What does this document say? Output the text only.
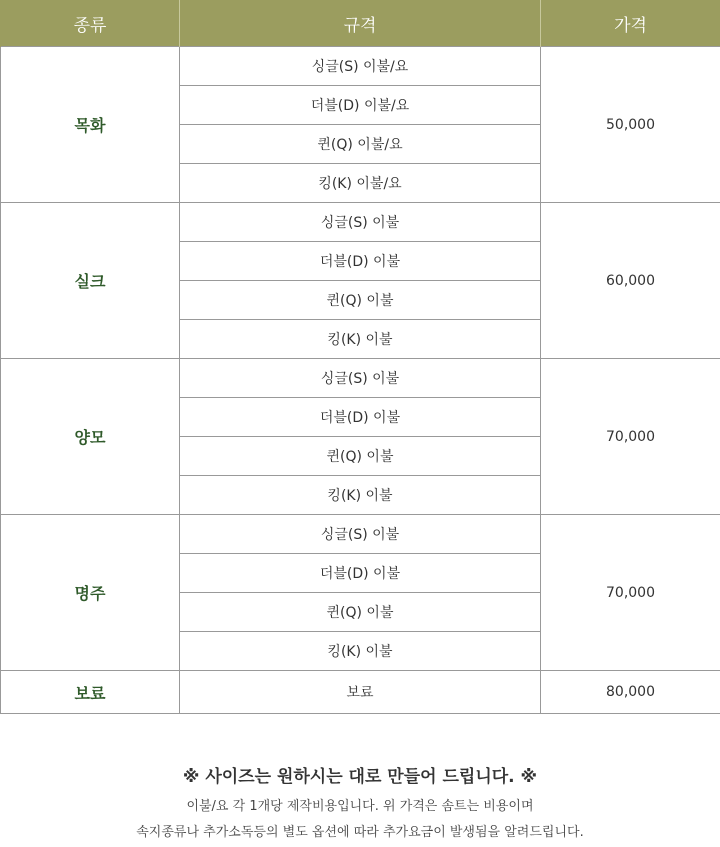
종류	규격	가격
목화	싱글(S) 이불/요	50,000
	더블(D) 이불/요	
	퀸(Q) 이불/요	
	킹(K) 이불/요	
실크	싱글(S) 이불	60,000
	더블(D) 이불	
	퀸(Q) 이불	
	킹(K) 이불	
양모	싱글(S) 이불	70,000
	더블(D) 이불	
	퀸(Q) 이불	
	킹(K) 이불	
명주	싱글(S) 이불	70,000
	더블(D) 이불	
	퀸(Q) 이불	
	킹(K) 이불	
보료	보료	80,000
※ 사이즈는 원하시는 대로 만들어 드립니다. ※
이불/요 각 1개당 제작비용입니다. 위 가격은 솜트는 비용이며
속지종류나 추가소독등의 별도 옵션에 따라 추가요금이 발생됨을 알려드립니다.
